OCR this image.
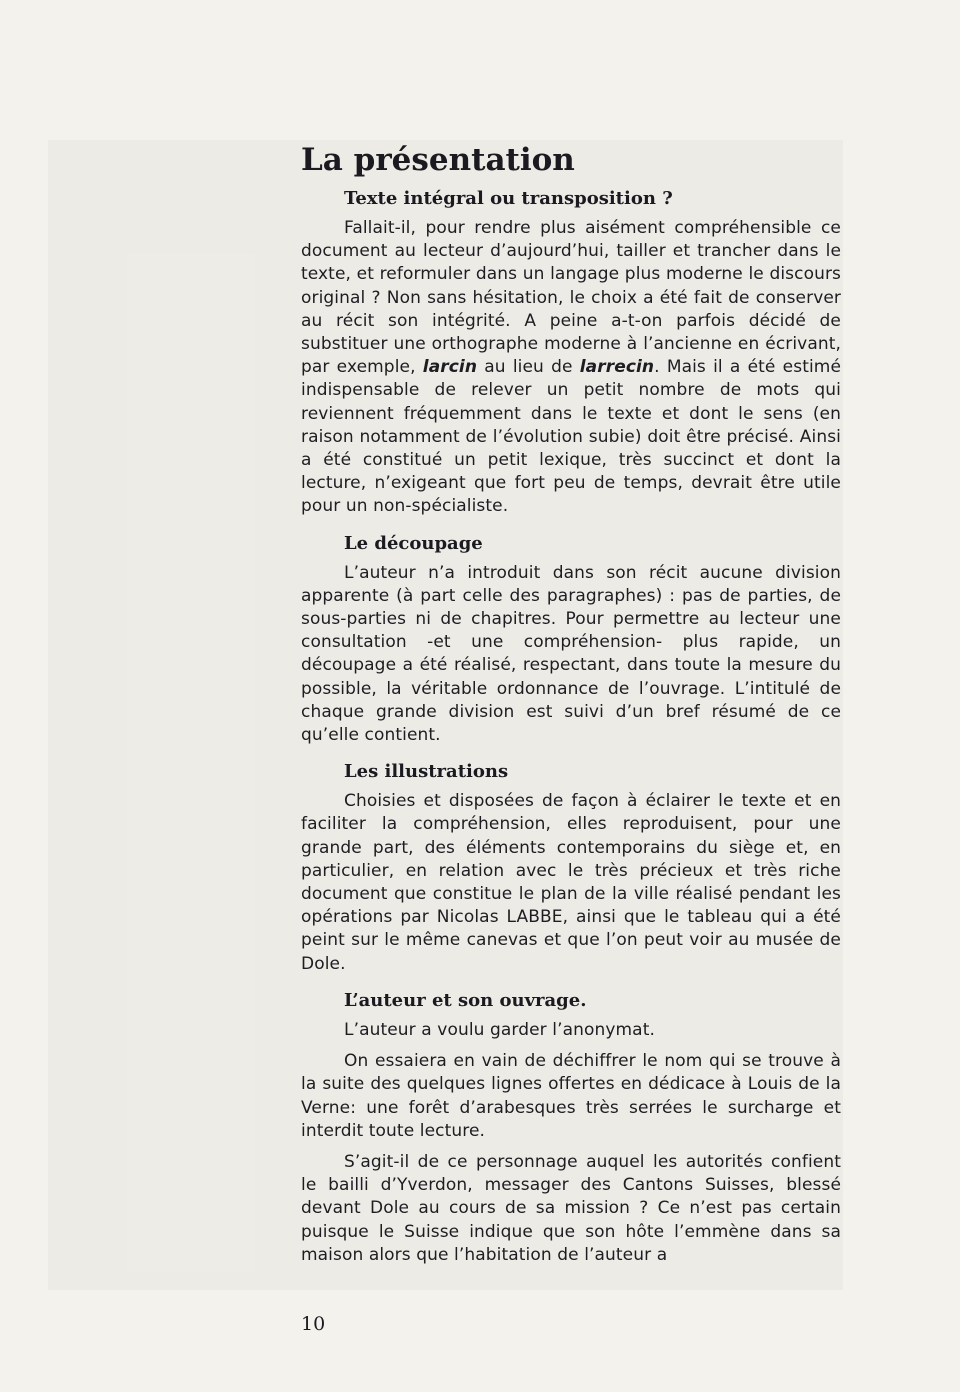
La présentation
Texte intégral ou transposition ?

Fallait-il, pour rendre plus aisément compréhensible ce document au lecteur d’aujourd’hui, tailler et trancher dans le texte, et reformuler dans un langage plus moderne le discours original ? Non sans hésitation, le choix a été fait de conserver au récit son intégrité. A peine a-t-on parfois décidé de substituer une orthographe moderne à l’ancienne en écrivant, par exemple, larcin au lieu de larrecin. Mais il a été estimé indispensable de relever un petit nombre de mots qui reviennent fréquemment dans le texte et dont le sens (en raison notamment de l’évolution subie) doit être précisé. Ainsi a été constitué un petit lexique, très succinct et dont la lecture, n’exigeant que fort peu de temps, devrait être utile pour un non-spécialiste.

Le découpage

L’auteur n’a introduit dans son récit aucune division apparente (à part celle des paragraphes) : pas de parties, de sous-parties ni de chapitres. Pour permettre au lecteur une consultation -et une compréhension- plus rapide, un découpage a été réalisé, respectant, dans toute la mesure du possible, la véritable ordonnance de l’ouvrage. L’intitulé de chaque grande division est suivi d’un bref résumé de ce qu’elle contient.

Les illustrations

Choisies et disposées de façon à éclairer le texte et en faciliter la compréhension, elles reproduisent, pour une grande part, des éléments contemporains du siège et, en particulier, en relation avec le très précieux et très riche document que constitue le plan de la ville réalisé pendant les opérations par Nicolas LABBE, ainsi que le tableau qui a été peint sur le même canevas et que l’on peut voir au musée de Dole.

L’auteur et son ouvrage.

L’auteur a voulu garder l’anonymat.

On essaiera en vain de déchiffrer le nom qui se trouve à la suite des quelques lignes offertes en dédicace à Louis de la Verne: une forêt d’arabesques très serrées le surcharge et interdit toute lecture.

S’agit-il de ce personnage auquel les autorités confient le bailli d’Yverdon, messager des Cantons Suisses, blessé devant Dole au cours de sa mission ? Ce n’est pas certain puisque le Suisse indique que son hôte l’emmène dans sa maison alors que l’habitation de l’auteur a

10
